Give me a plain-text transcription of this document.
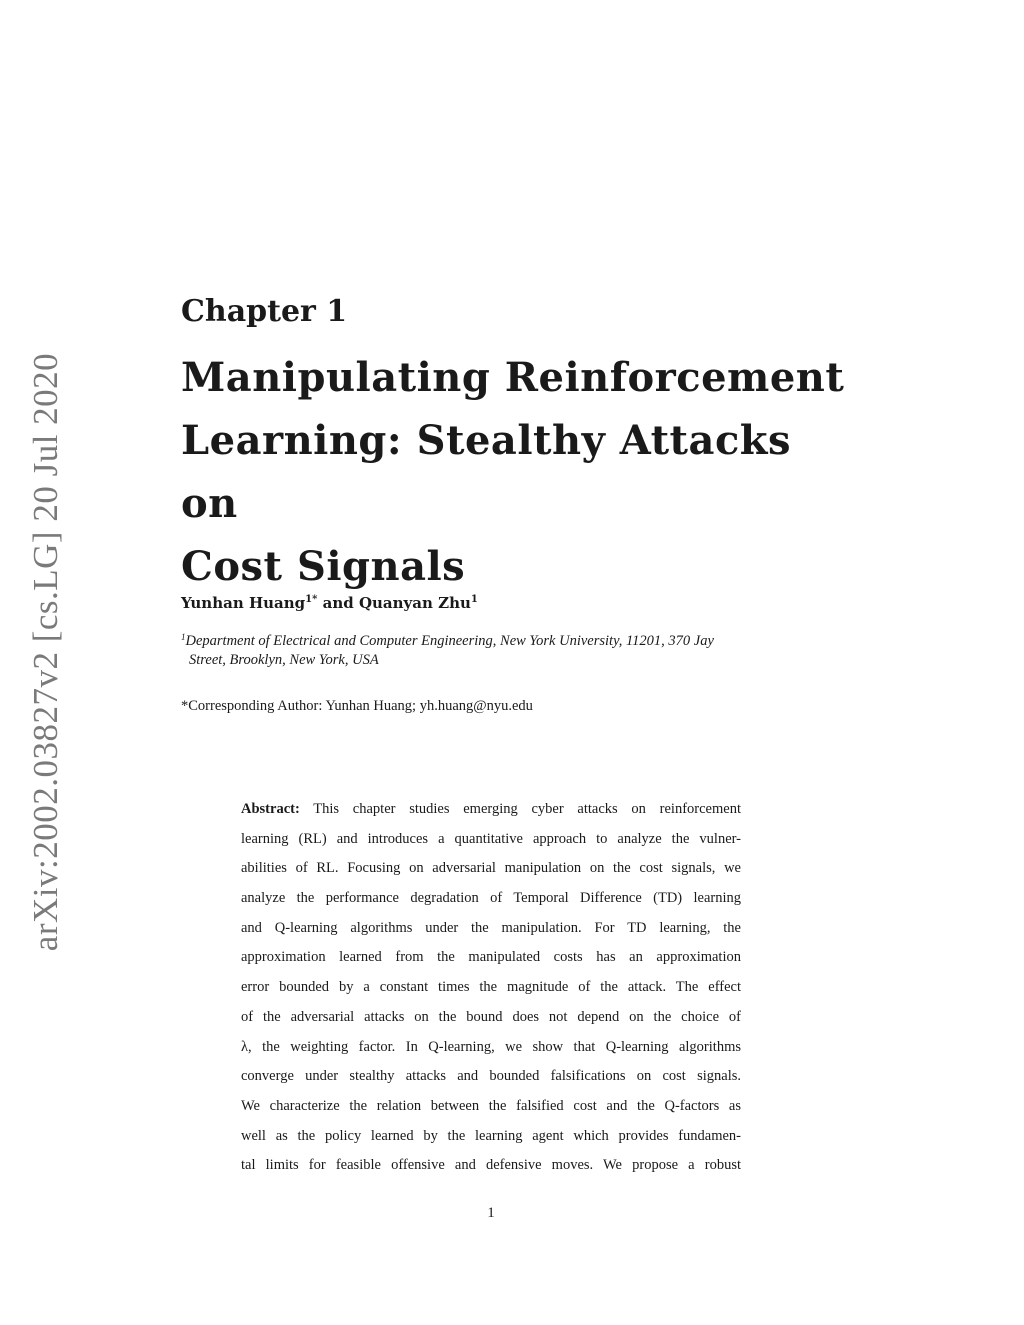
arXiv:2002.03827v2 [cs.LG] 20 Jul 2020
Chapter 1
Manipulating Reinforcement
Learning: Stealthy Attacks on
Cost Signals

Yunhan Huang$^{1*}$ and Quanyan Zhu$^1$

$^1$Department of Electrical and Computer Engineering, New York University, 11201, 370 Jay
Street, Brooklyn, New York, USA

*Corresponding Author: Yunhan Huang; yh.huang@nyu.edu

Abstract: This chapter studies emerging cyber attacks on reinforcement
learning (RL) and introduces a quantitative approach to analyze the vulner-
abilities of RL. Focusing on adversarial manipulation on the cost signals, we
analyze the performance degradation of Temporal Difference (TD) learning
and Q-learning algorithms under the manipulation. For TD learning, the
approximation learned from the manipulated costs has an approximation
error bounded by a constant times the magnitude of the attack. The effect
of the adversarial attacks on the bound does not depend on the choice of
λ, the weighting factor. In Q-learning, we show that Q-learning algorithms
converge under stealthy attacks and bounded falsifications on cost signals.
We characterize the relation between the falsified cost and the Q-factors as
well as the policy learned by the learning agent which provides fundamen-
tal limits for feasible offensive and defensive moves. We propose a robust

1
